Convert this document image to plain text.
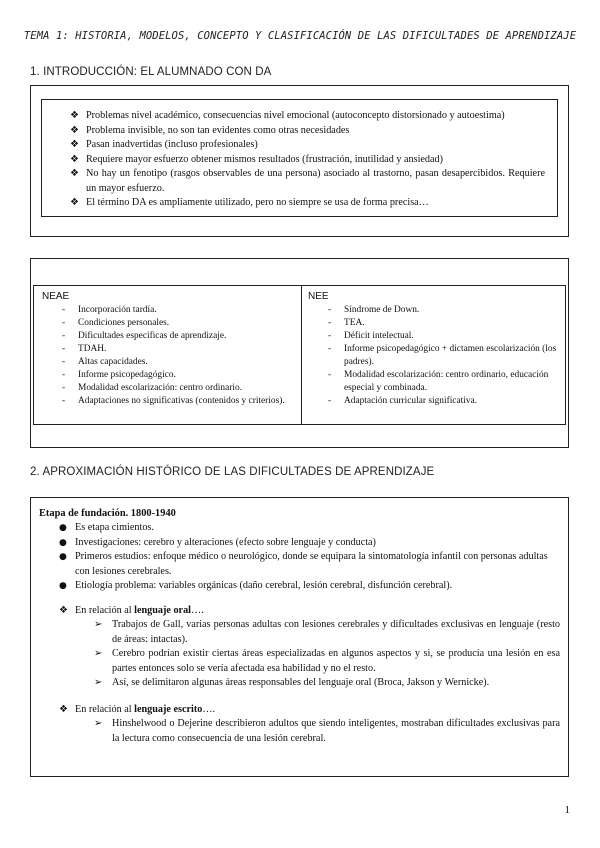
TEMA 1: HISTORIA, MODELOS, CONCEPTO Y CLASIFICACIÓN DE LAS DIFICULTADES DE APRENDIZAJE
1. INTRODUCCIÓN: EL ALUMNADO CON DA
❖ Problemas nivel académico, consecuencias nivel emocional (autoconcepto distorsionado y autoestima)
❖ Problema invisible, no son tan evidentes como otras necesidades
❖ Pasan inadvertidas (incluso profesionales)
❖ Requiere mayor esfuerzo obtener mismos resultados (frustración, inutilidad y ansiedad)
❖ No hay un fenotipo (rasgos observables de una persona) asociado al trastorno, pasan desapercibidos. Requiere un mayor esfuerzo.
❖ El término DA es ampliamente utilizado, pero no siempre se usa de forma precisa…
NEAE
- Incorporación tardía.
- Condiciones personales.
- Dificultades específicas de aprendizaje.
- TDAH.
- Altas capacidades.
- Informe psicopedagógico.
- Modalidad escolarización: centro ordinario.
- Adaptaciones no significativas (contenidos y criterios).
NEE
- Síndrome de Down.
- TEA.
- Déficit intelectual.
- Informe psicopedagógico + dictamen escolarización (los padres).
- Modalidad escolarización: centro ordinario, educación especial y combinada.
- Adaptación curricular significativa.
2. APROXIMACIÓN HISTÓRICO DE LAS DIFICULTADES DE APRENDIZAJE
Etapa de fundación. 1800-1940
● Es etapa cimientos.
● Investigaciones: cerebro y alteraciones (efecto sobre lenguaje y conducta)
● Primeros estudios: enfoque médico o neurológico, donde se equipara la sintomatología infantil con personas adultas con lesiones cerebrales.
● Etiología problema: variables orgánicas (daño cerebral, lesión cerebral, disfunción cerebral).
❖ En relación al lenguaje oral….
➢ Trabajos de Gall, varias personas adultas con lesiones cerebrales y dificultades exclusivas en lenguaje (resto de áreas: intactas).
➢ Cerebro podrían existir ciertas áreas especializadas en algunos aspectos y si, se producía una lesión en esa partes entonces solo se vería afectada esa habilidad y no el resto.
➢ Así, se delimitaron algunas áreas responsables del lenguaje oral (Broca, Jakson y Wernicke).
❖ En relación al lenguaje escrito….
➢ Hinshelwood o Dejerine describieron adultos que siendo inteligentes, mostraban dificultades exclusivas para la lectura como consecuencia de una lesión cerebral.
1
